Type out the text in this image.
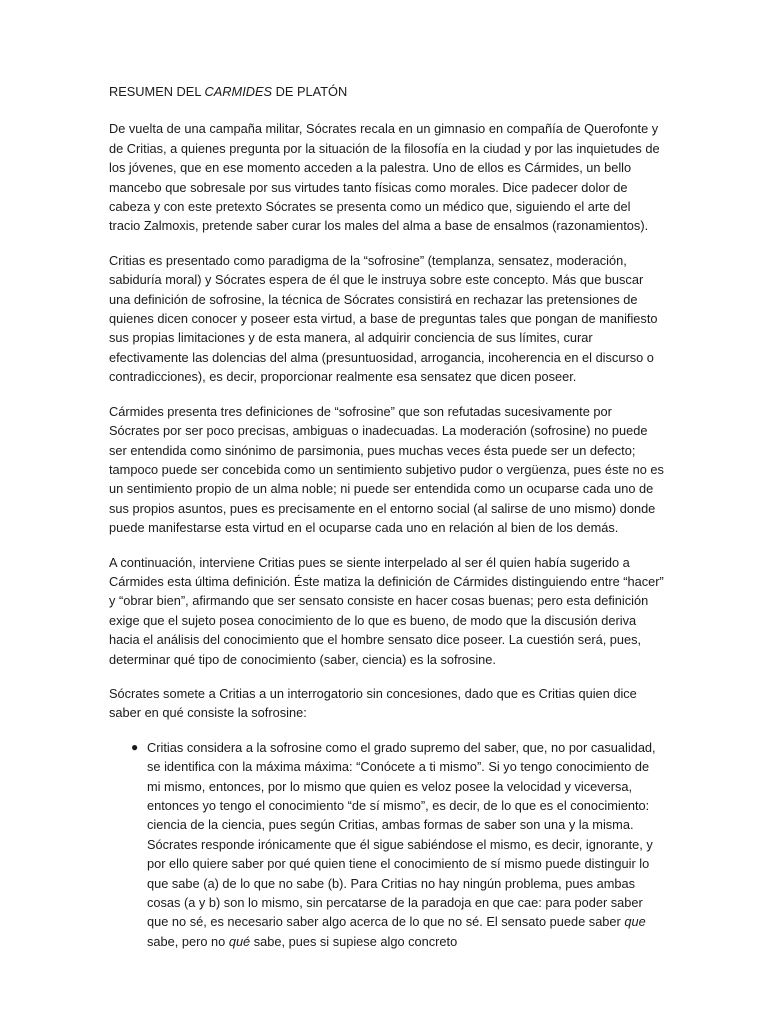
RESUMEN DEL CARMIDES DE PLATÓN

De vuelta de una campaña militar, Sócrates recala en un gimnasio en compañía de Querofonte y de Critias, a quienes pregunta por la situación de la filosofía en la ciudad y por las inquietudes de los jóvenes, que en ese momento acceden a la palestra. Uno de ellos es Cármides, un bello mancebo que sobresale por sus virtudes tanto físicas como morales. Dice padecer dolor de cabeza y con este pretexto Sócrates se presenta como un médico que, siguiendo el arte del tracio Zalmoxis, pretende saber curar los males del alma a base de ensalmos (razonamientos).

Critias es presentado como paradigma de la “sofrosine” (templanza, sensatez, moderación, sabiduría moral) y Sócrates espera de él que le instruya sobre este concepto. Más que buscar una definición de sofrosine, la técnica de Sócrates consistirá en rechazar las pretensiones de quienes dicen conocer y poseer esta virtud, a base de preguntas tales que pongan de manifiesto sus propias limitaciones y de esta manera, al adquirir conciencia de sus límites, curar efectivamente las dolencias del alma (presuntuosidad, arrogancia, incoherencia en el discurso o contradicciones), es decir, proporcionar realmente esa sensatez que dicen poseer.

Cármides presenta tres definiciones de “sofrosine” que son refutadas sucesivamente por Sócrates por ser poco precisas, ambiguas o inadecuadas. La moderación (sofrosine) no puede ser entendida como sinónimo de parsimonia, pues muchas veces ésta puede ser un defecto; tampoco puede ser concebida como un sentimiento subjetivo pudor o vergüenza, pues éste no es un sentimiento propio de un alma noble; ni puede ser entendida como un ocuparse cada uno de sus propios asuntos, pues es precisamente en el entorno social (al salirse de uno mismo) donde puede manifestarse esta virtud en el ocuparse cada uno en relación al bien de los demás.

A continuación, interviene Critias pues se siente interpelado al ser él quien había sugerido a Cármides esta última definición. Éste matiza la definición de Cármides distinguiendo entre “hacer” y “obrar bien”, afirmando que ser sensato consiste en hacer cosas buenas; pero esta definición exige que el sujeto posea conocimiento de lo que es bueno, de modo que la discusión deriva hacia el análisis del conocimiento que el hombre sensato dice poseer. La cuestión será, pues, determinar qué tipo de conocimiento (saber, ciencia) es la sofrosine.

Sócrates somete a Critias a un interrogatorio sin concesiones, dado que es Critias quien dice saber en qué consiste la sofrosine:

● Critias considera a la sofrosine como el grado supremo del saber, que, no por casualidad, se identifica con la máxima máxima: “Conócete a ti mismo”. Si yo tengo conocimiento de mi mismo, entonces, por lo mismo que quien es veloz posee la velocidad y viceversa, entonces yo tengo el conocimiento “de sí mismo”, es decir, de lo que es el conocimiento: ciencia de la ciencia, pues según Critias, ambas formas de saber son una y la misma. Sócrates responde irónicamente que él sigue sabiéndose el mismo, es decir, ignorante, y por ello quiere saber por qué quien tiene el conocimiento de sí mismo puede distinguir lo que sabe (a) de lo que no sabe (b). Para Critias no hay ningún problema, pues ambas cosas (a y b) son lo mismo, sin percatarse de la paradoja en que cae: para poder saber que no sé, es necesario saber algo acerca de lo que no sé. El sensato puede saber que sabe, pero no qué sabe, pues si supiese algo concreto
